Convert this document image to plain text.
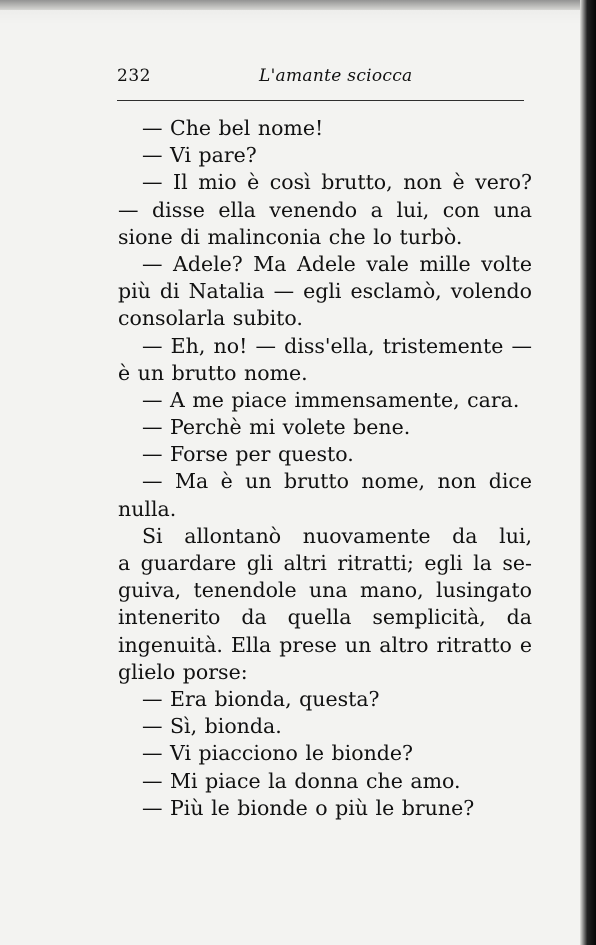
232	L'amante sciocca
— Che bel nome!
— Vi pare?
— Il mio è così brutto, non è vero?
— disse ella venendo a lui, con una
sione di malinconia che lo turbò.
— Adele? Ma Adele vale mille volte
più di Natalia — egli esclamò, volendo
consolarla subito.
— Eh, no! — diss'ella, tristemente —
è un brutto nome.
— A me piace immensamente, cara.
— Perchè mi volete bene.
— Forse per questo.
— Ma è un brutto nome, non dice
nulla.
Si allontanò nuovamente da lui,
a guardare gli altri ritratti; egli la se-
guiva, tenendole una mano, lusingato
intenerito da quella semplicità, da
ingenuità. Ella prese un altro ritratto e
glielo porse:
— Era bionda, questa?
— Sì, bionda.
— Vi piacciono le bionde?
— Mi piace la donna che amo.
— Più le bionde o più le brune?
